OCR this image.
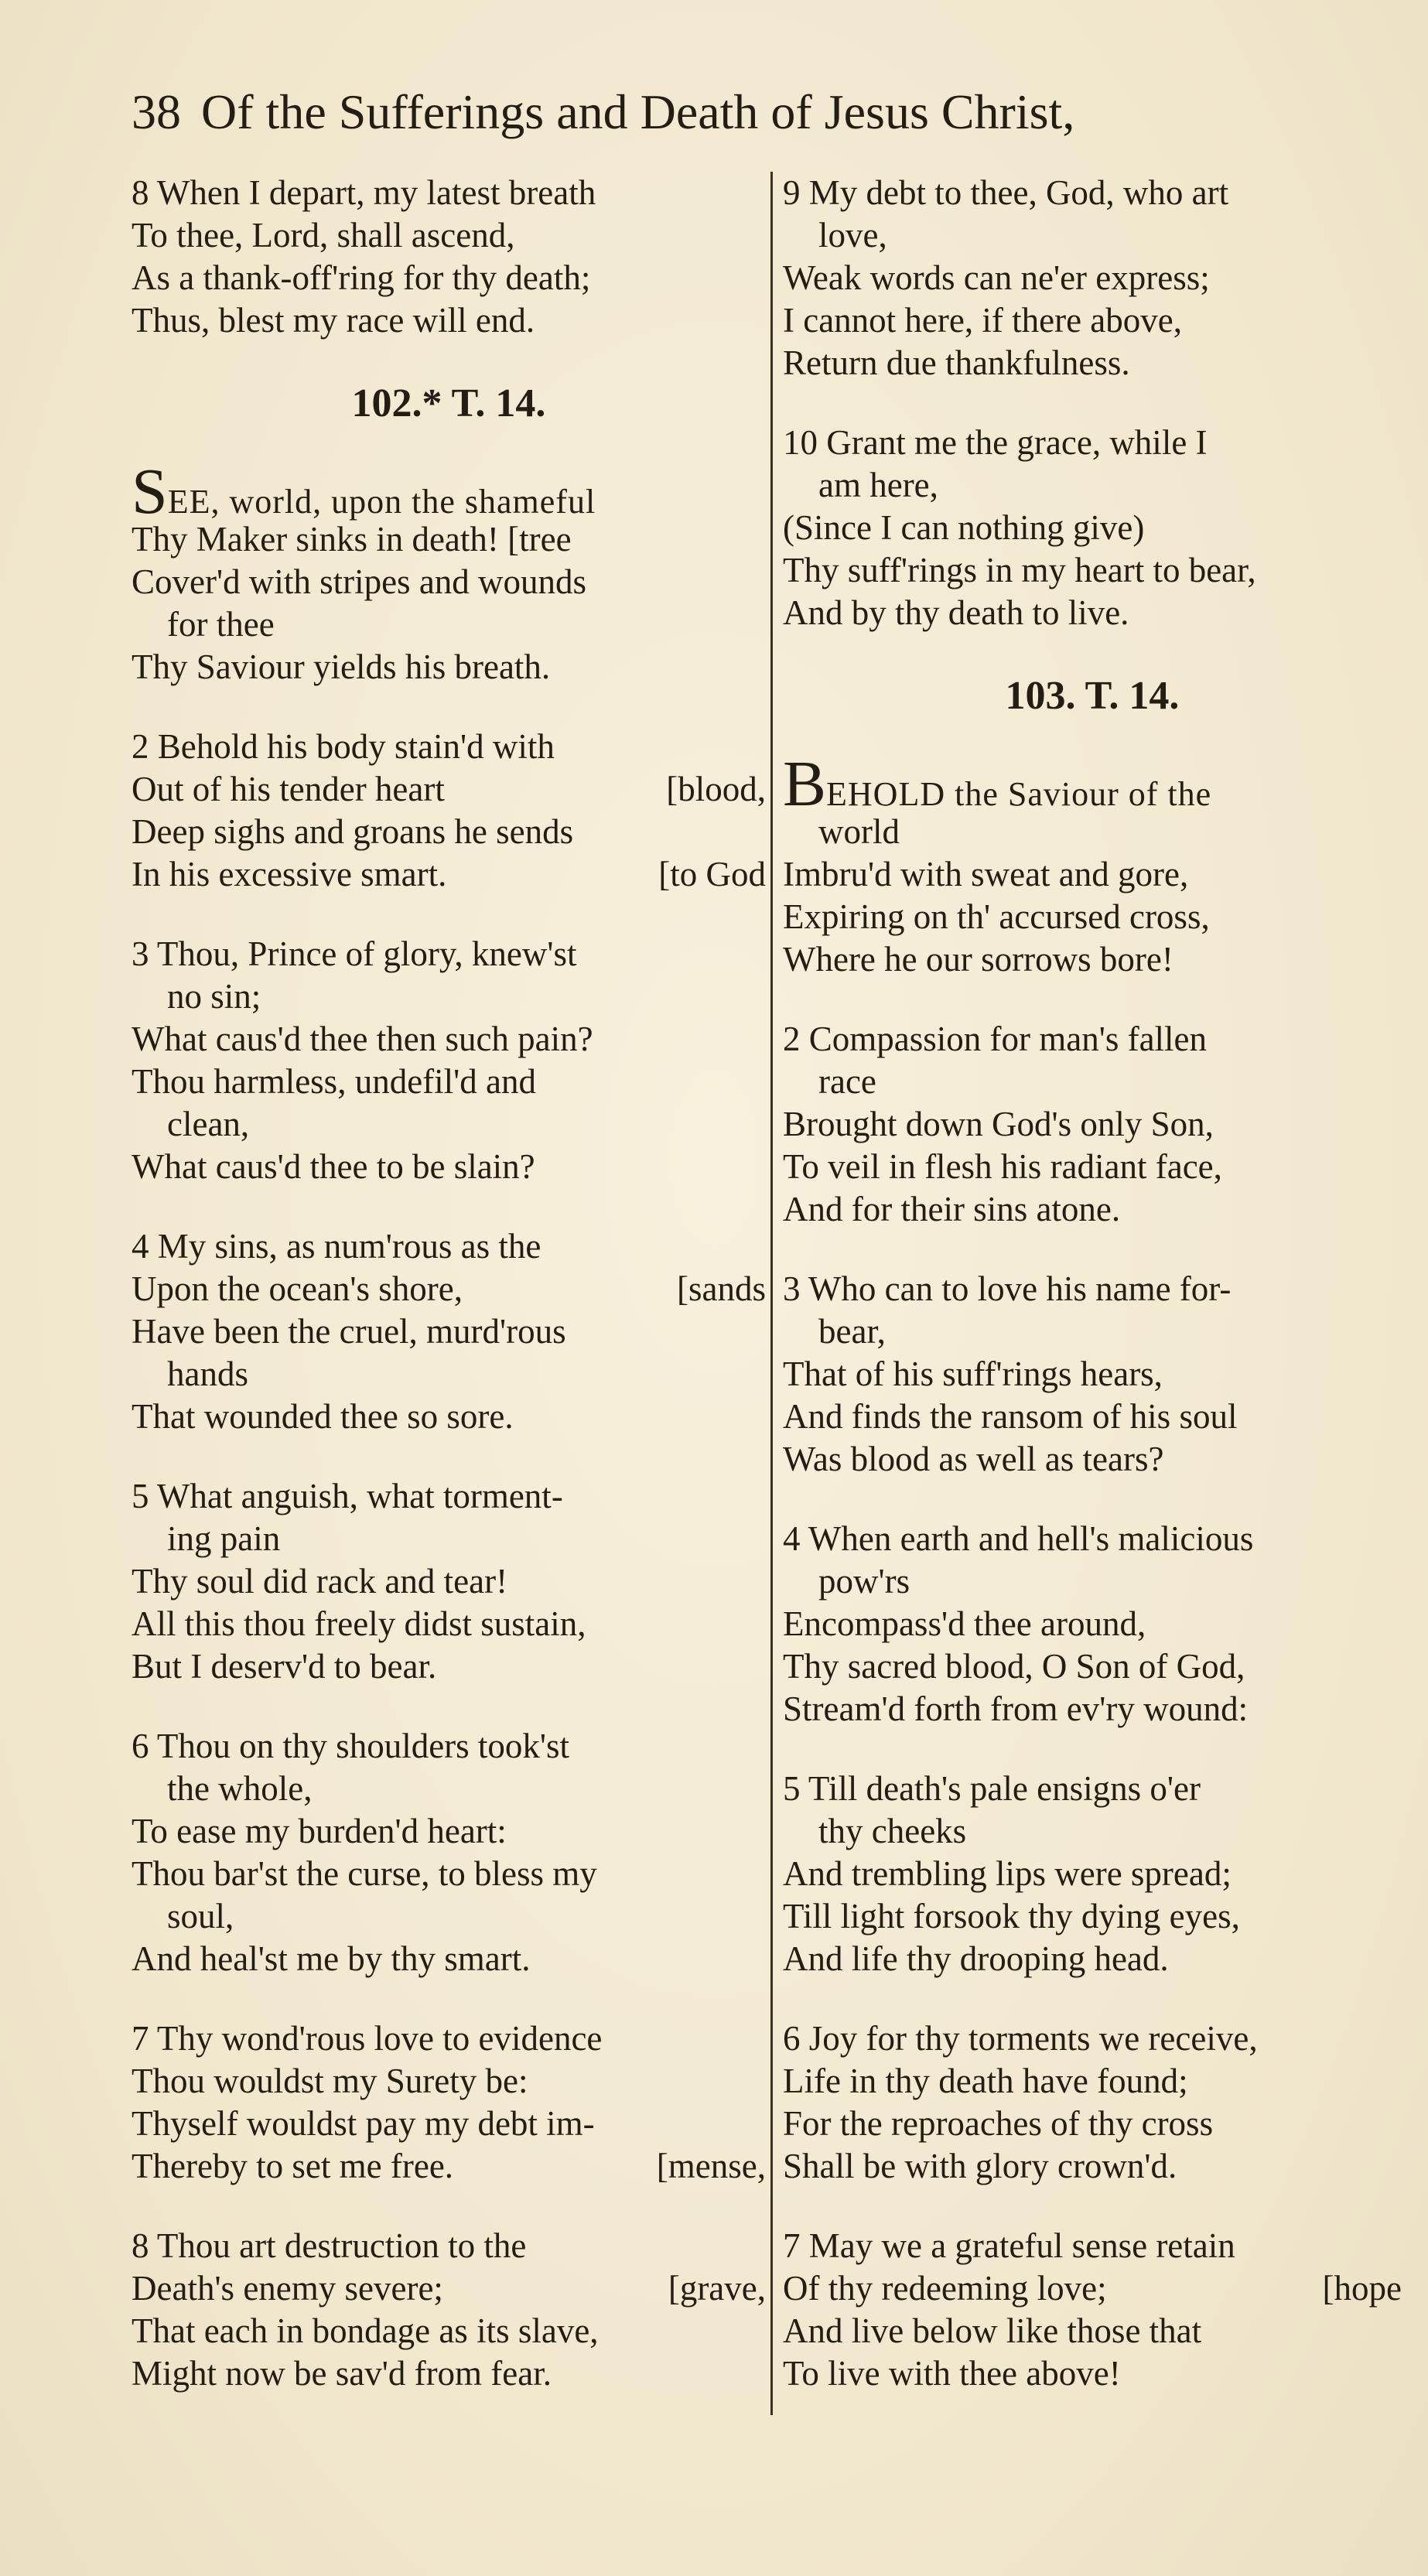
38 Of the Sufferings and Death of Jesus Christ,
8 When I depart, my latest breath
To thee, Lord, shall ascend,
As a thank-off'ring for thy death;
Thus, blest my race will end.
102.* T. 14.
SEE, world, upon the shameful
Thy Maker sinks in death! [tree
Cover'd with stripes and wounds
for thee
Thy Saviour yields his breath.
2 Behold his body stain'd with
Out of his tender heart	[blood,
Deep sighs and groans he sends
In his excessive smart.	[to God
3 Thou, Prince of glory, knew'st
no sin;
What caus'd thee then such pain?
Thou harmless, undefil'd and
clean,
What caus'd thee to be slain?
4 My sins, as num'rous as the
Upon the ocean's shore,	[sands
Have been the cruel, murd'rous
hands
That wounded thee so sore.
5 What anguish, what torment-
ing pain
Thy soul did rack and tear!
All this thou freely didst sustain,
But I deserv'd to bear.
6 Thou on thy shoulders took'st
the whole,
To ease my burden'd heart:
Thou bar'st the curse, to bless my
soul,
And heal'st me by thy smart.
7 Thy wond'rous love to evidence
Thou wouldst my Surety be:
Thyself wouldst pay my debt im-
Thereby to set me free.	[mense,
8 Thou art destruction to the
Death's enemy severe;	[grave,
That each in bondage as its slave,
Might now be sav'd from fear.
9 My debt to thee, God, who art
love,
Weak words can ne'er express;
I cannot here, if there above,
Return due thankfulness.
10 Grant me the grace, while I
am here,
(Since I can nothing give)
Thy suff'rings in my heart to bear,
And by thy death to live.
103. T. 14.
BEHOLD the Saviour of the
world
Imbru'd with sweat and gore,
Expiring on th' accursed cross,
Where he our sorrows bore!
2 Compassion for man's fallen
race
Brought down God's only Son,
To veil in flesh his radiant face,
And for their sins atone.
3 Who can to love his name for-
bear,
That of his suff'rings hears,
And finds the ransom of his soul
Was blood as well as tears?
4 When earth and hell's malicious
pow'rs
Encompass'd thee around,
Thy sacred blood, O Son of God,
Stream'd forth from ev'ry wound:
5 Till death's pale ensigns o'er
thy cheeks
And trembling lips were spread;
Till light forsook thy dying eyes,
And life thy drooping head.
6 Joy for thy torments we receive,
Life in thy death have found;
For the reproaches of thy cross
Shall be with glory crown'd.
7 May we a grateful sense retain
Of thy redeeming love;	[hope
And live below like those that
To live with thee above!
